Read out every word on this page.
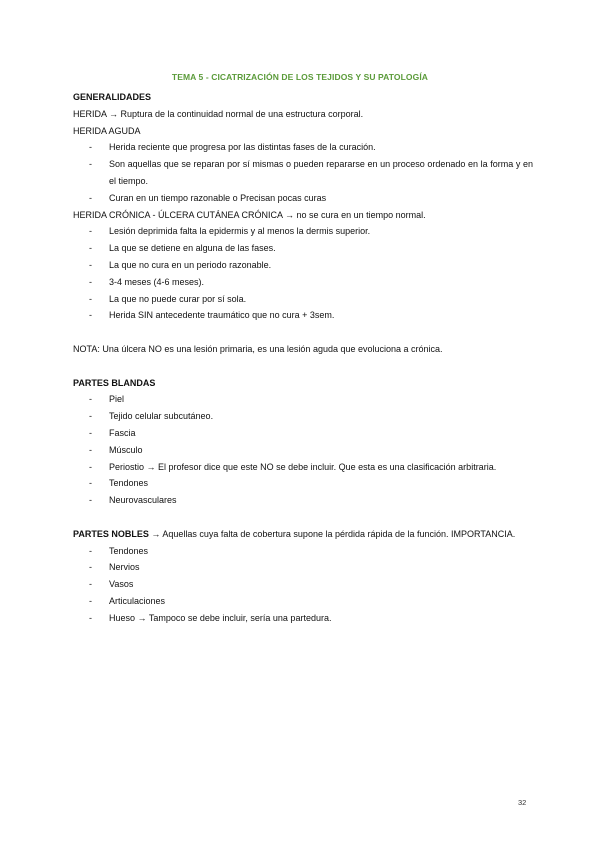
TEMA 5 - CICATRIZACIÓN DE LOS TEJIDOS Y SU PATOLOGÍA
GENERALIDADES
HERIDA → Ruptura de la continuidad normal de una estructura corporal.
HERIDA AGUDA
-	Herida reciente que progresa por las distintas fases de la curación.
-	Son aquellas que se reparan por sí mismas o pueden repararse en un proceso ordenado en la forma y en el tiempo.
-	Curan en un tiempo razonable o Precisan pocas curas
HERIDA CRÓNICA - ÚLCERA CUTÁNEA CRÓNICA → no se cura en un tiempo normal.
-	Lesión deprimida falta la epidermis y al menos la dermis superior.
-	La que se detiene en alguna de las fases.
-	La que no cura en un periodo razonable.
-	3-4 meses (4-6 meses).
-	La que no puede curar por sí sola.
-	Herida SIN antecedente traumático que no cura + 3sem.
NOTA: Una úlcera NO es una lesión primaria, es una lesión aguda que evoluciona a crónica.
PARTES BLANDAS
-	Piel
-	Tejido celular subcutáneo.
-	Fascia
-	Músculo
-	Periostio → El profesor dice que este NO se debe incluir. Que esta es una clasificación arbitraria.
-	Tendones
-	Neurovasculares
PARTES NOBLES → Aquellas cuya falta de cobertura supone la pérdida rápida de la función. IMPORTANCIA.
-	Tendones
-	Nervios
-	Vasos
-	Articulaciones
-	Hueso → Tampoco se debe incluir, sería una partedura.
32
